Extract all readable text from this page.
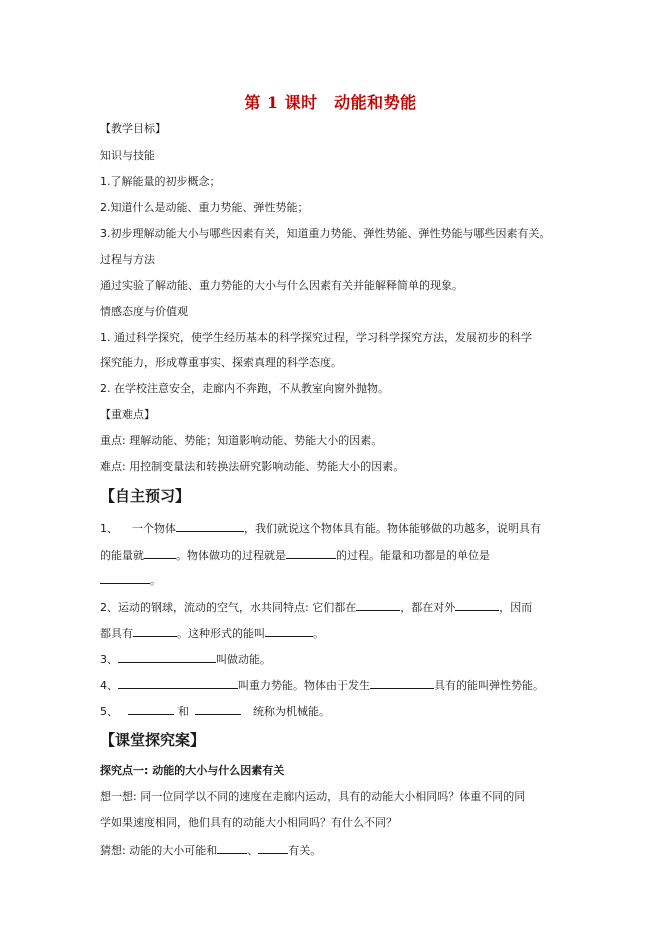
第 1 课时　动能和势能
【教学目标】
知识与技能
1.了解能量的初步概念；
2.知道什么是动能、重力势能、弹性势能；
3.初步理解动能大小与哪些因素有关，知道重力势能、弹性势能、弹性势能与哪些因素有关。
过程与方法
通过实验了解动能、重力势能的大小与什么因素有关并能解释简单的现象。
情感态度与价值观
1. 通过科学探究，使学生经历基本的科学探究过程，学习科学探究方法，发展初步的科学
探究能力，形成尊重事实、探索真理的科学态度。
2. 在学校注意安全，走廊内不奔跑，不从教室向窗外抛物。
【重难点】
重点: 理解动能、势能；知道影响动能、势能大小的因素。
难点: 用控制变量法和转换法研究影响动能、势能大小的因素。
【自主预习】
1、 一个物体	，我们就说这个物体具有能。物体能够做的功越多，说明具有
的能量就	。物体做功的过程就是	的过程。能量和功都是的单位是
。
2、运动的钢球，流动的空气，水共同特点: 它们都在	，都在对外	，因而
都具有	。这种形式的能叫	。
3、	叫做动能。
4、	叫重力势能。物体由于发生	具有的能叫弹性势能。
5、	和	统称为机械能。
【课堂探究案】
探究点一: 动能的大小与什么因素有关
想一想: 同一位同学以不同的速度在走廊内运动，具有的动能大小相同吗？体重不同的同
学如果速度相同，他们具有的动能大小相同吗？有什么不同？
猜想: 动能的大小可能和	、	有关。
